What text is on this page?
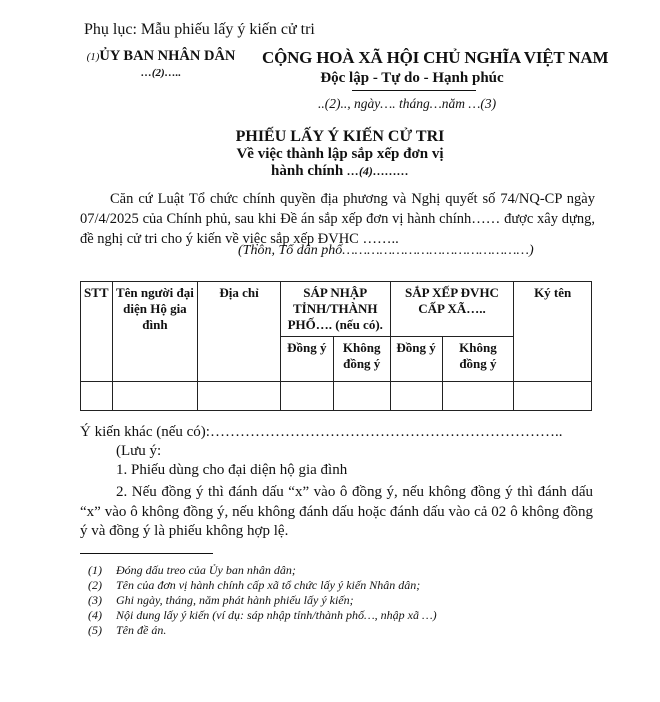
Phụ lục: Mẫu phiếu lấy ý kiến cử tri
(1)ỦY BAN NHÂN DÂN
…(2)…..
CỘNG HOÀ XÃ HỘI CHỦ NGHĨA VIỆT NAM
Độc lập - Tự do - Hạnh phúc
..(2).., ngày…. tháng…năm …(3)
PHIẾU LẤY Ý KIẾN CỬ TRI
Về việc thành lập sắp xếp đơn vị
hành chính …(4)………
Căn cứ Luật Tổ chức chính quyền địa phương và Nghị quyết số 74/NQ-CP ngày 07/4/2025 của Chính phủ, sau khi Đề án sắp xếp đơn vị hành chính…… được xây dựng, đề nghị cử tri cho ý kiến về việc sắp xếp ĐVHC ……..
(Thôn, Tổ dân phố………………………………………)
STT	Tên người đại diện Hộ gia đình	Địa chỉ	SÁP NHẬP TỈNH/THÀNH PHỐ…. (nếu có).		SẮP XẾP ĐVHC CẤP XÃ…..		Ký tên
			Đồng ý	Không đồng ý	Đồng ý	Không đồng ý	

Ý kiến khác (nếu có):……………………………………………………………..
(Lưu ý:
1. Phiếu dùng cho đại diện hộ gia đình
2. Nếu đồng ý thì đánh dấu “x” vào ô đồng ý, nếu không đồng ý thì đánh dấu “x” vào ô không đồng ý, nếu không đánh dấu hoặc đánh dấu vào cả 02 ô không đồng ý và đồng ý là phiếu không hợp lệ.
(1) Đóng dấu treo của Ủy ban nhân dân;
(2) Tên của đơn vị hành chính cấp xã tổ chức lấy ý kiến Nhân dân;
(3) Ghi ngày, tháng, năm phát hành phiếu lấy ý kiến;
(4) Nội dung lấy ý kiến (ví dụ: sáp nhập tỉnh/thành phố…, nhập xã …)
(5) Tên đề án.
